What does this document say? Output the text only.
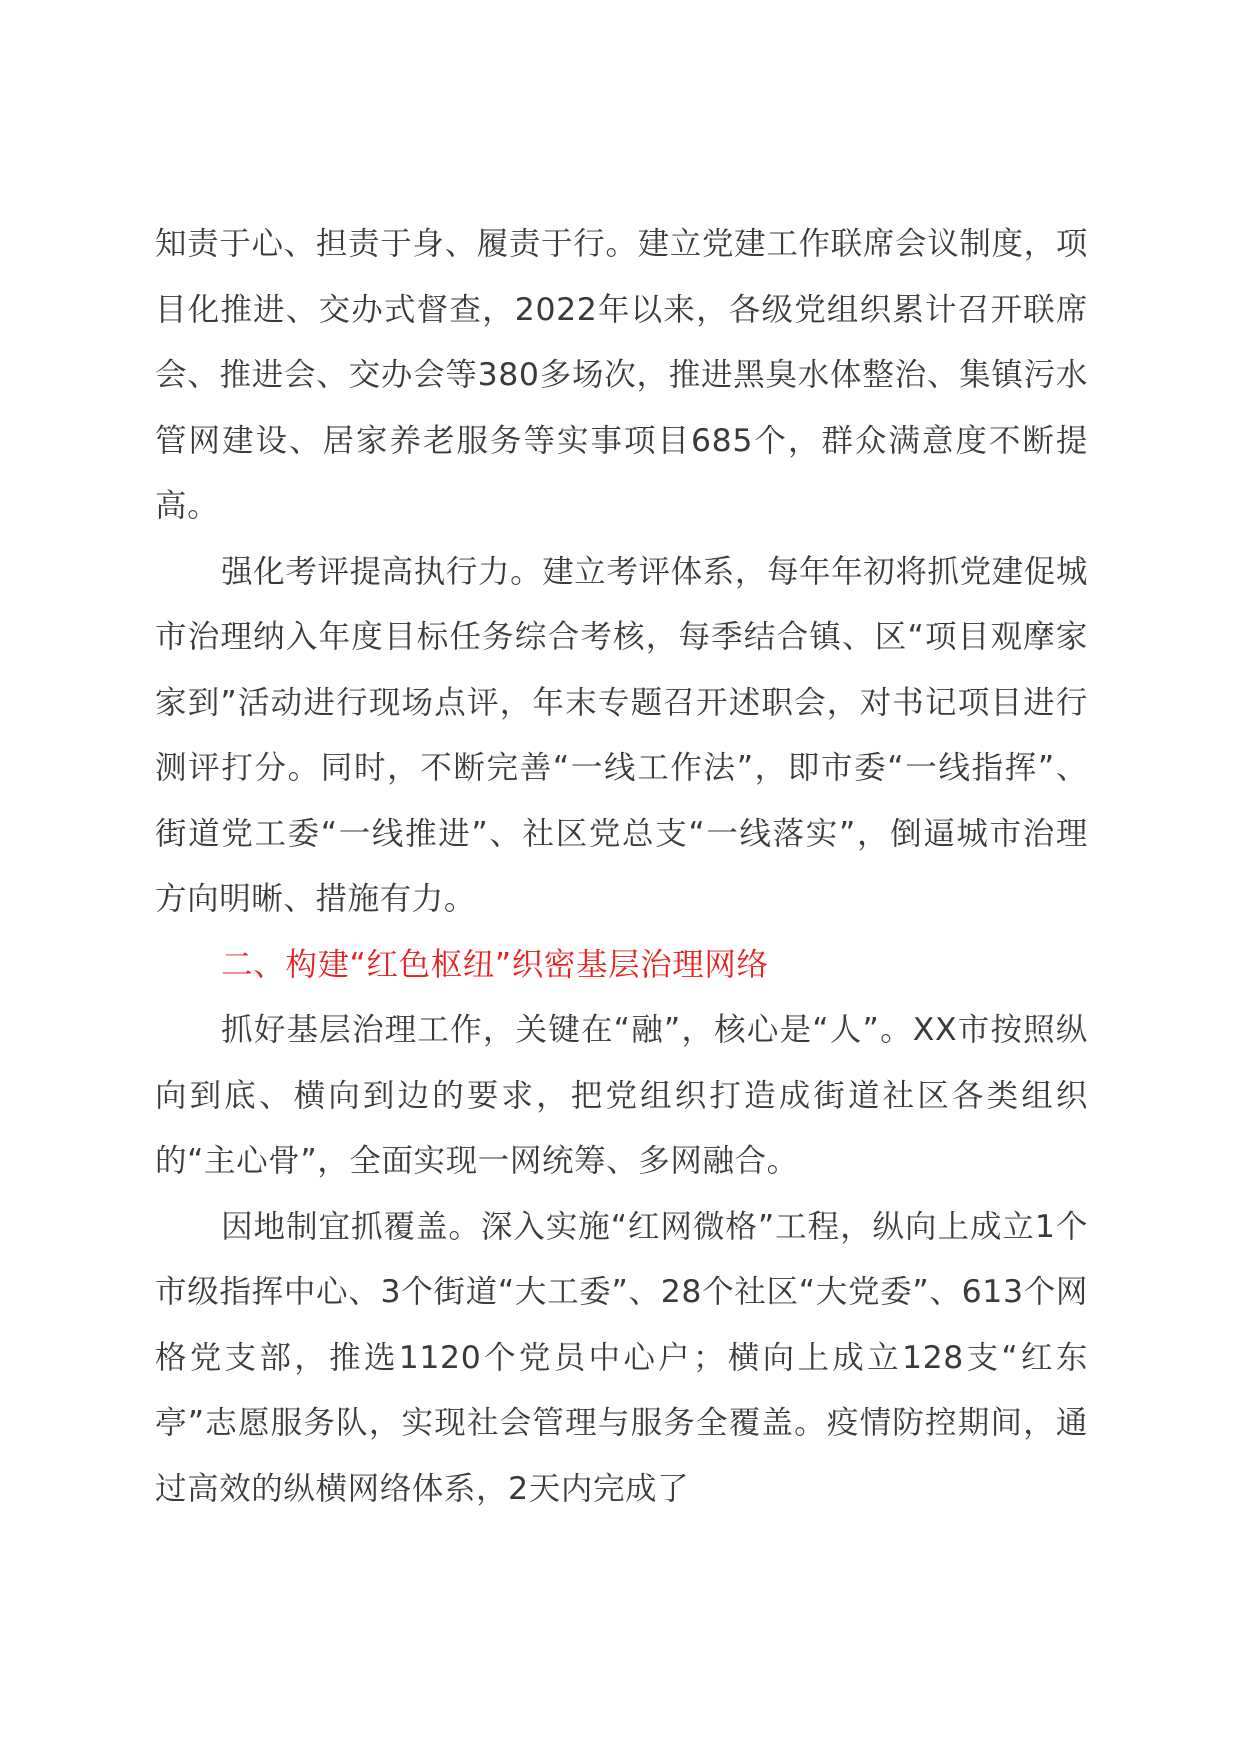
知责于心、担责于身、履责于行。建立党建工作联席会议制度，项目化推进、交办式督查，2022年以来，各级党组织累计召开联席会、推进会、交办会等380多场次，推进黑臭水体整治、集镇污水管网建设、居家养老服务等实事项目685个，群众满意度不断提高。

强化考评提高执行力。建立考评体系，每年年初将抓党建促城市治理纳入年度目标任务综合考核，每季结合镇、区“项目观摩家家到”活动进行现场点评，年末专题召开述职会，对书记项目进行测评打分。同时，不断完善“一线工作法”，即市委“一线指挥”、街道党工委“一线推进”、社区党总支“一线落实”，倒逼城市治理方向明晰、措施有力。

二、构建“红色枢纽”织密基层治理网络

抓好基层治理工作，关键在“融”，核心是“人”。XX市按照纵向到底、横向到边的要求，把党组织打造成街道社区各类组织的“主心骨”，全面实现一网统筹、多网融合。

因地制宜抓覆盖。深入实施“红网微格”工程，纵向上成立1个市级指挥中心、3个街道“大工委”、28个社区“大党委”、613个网格党支部，推选1120个党员中心户；横向上成立128支“红东亭”志愿服务队，实现社会管理与服务全覆盖。疫情防控期间，通过高效的纵横网络体系，2天内完成了
